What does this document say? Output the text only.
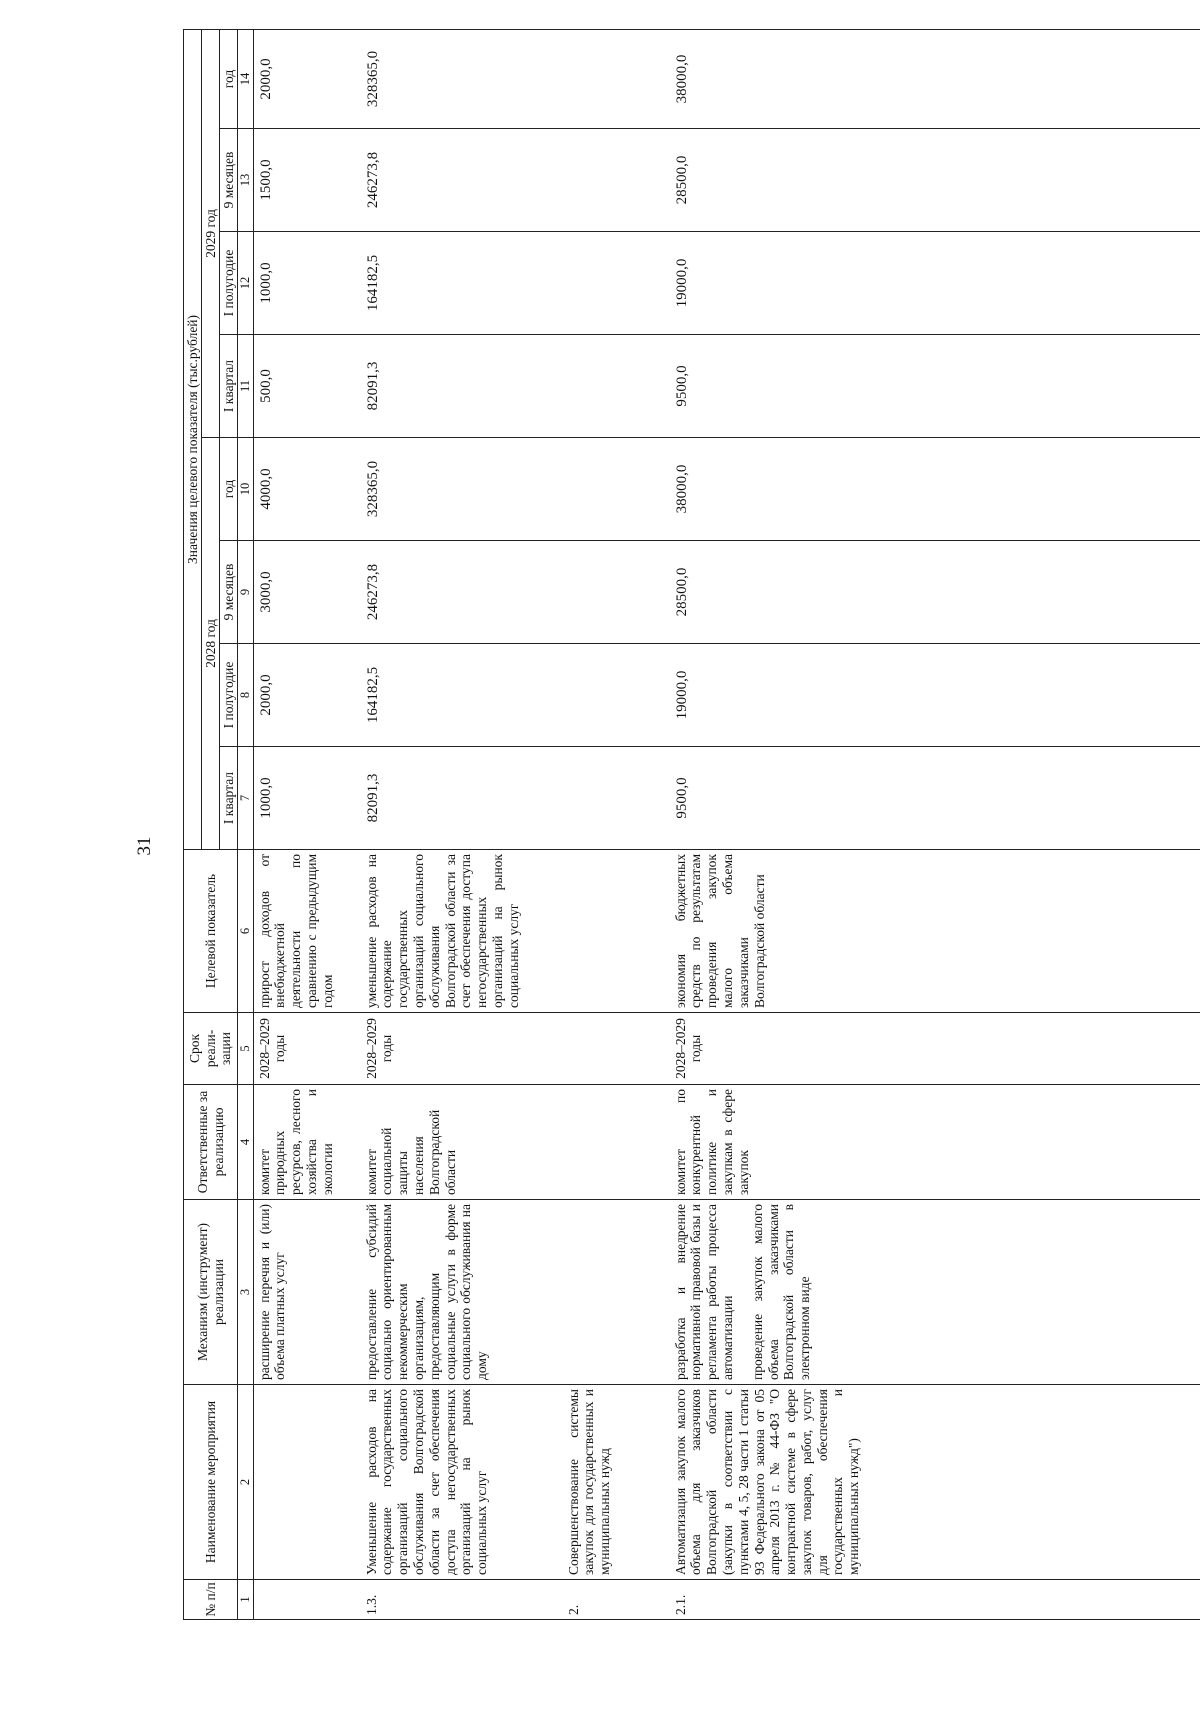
31
№ п/п	Наименование мероприятия	Механизм (инструмент) реализации	Ответственные за реализацию	Срок реали-зации	Целевой показатель	Значения целевого показателя (тыс.рублей)							
						2028 год				2029 год			
						I квартал	I полугодие	9 месяцев	год	I квартал	I полугодие	9 месяцев	год
1	2	3	4	5	6	7	8	9	10	11	12	13	14

		расширение перечня и (или) объема платных услуг	комитет природных ресурсов, лесного хозяйства и экологии	2028–2029 годы	прирост доходов от внебюджетной деятельности по сравнению с предыдущим годом	1000,0	2000,0	3000,0	4000,0	500,0	1000,0	1500,0	2000,0
1.3.	Уменьшение расходов на содержание государственных организаций социального обслуживания Волгоградской области за счет обеспечения доступа негосударственных организаций на рынок социальных услуг	предоставление субсидий социально ориентированным некоммерческим организациям, предоставляющим социальные услуги в форме социального обслуживания на дому	комитет социальной защиты населения Волгоградской области	2028–2029 годы	уменьшение расходов на содержание государственных организаций социального обслуживания Волгоградской области за счет обеспечения доступа негосударственных организаций на рынок социальных услуг	82091,3	164182,5	246273,8	328365,0	82091,3	164182,5	246273,8	328365,0
2.	Совершенствование системы закупок для государственных и муниципальных нужд	

2.1.	Автоматизация закупок малого объема для заказчиков Волгоградской области (закупки в соответствии с пунктами 4, 5, 28 части 1 статьи 93 Федерального закона от 05 апреля 2013 г. № 44-ФЗ "О контрактной системе в сфере закупок товаров, работ, услуг для обеспечения государственных и муниципальных нужд")	разработка и внедрение нормативной правовой базы и регламента работы процесса автоматизации проведение закупок малого объема заказчиками Волгоградской области в электронном виде	комитет по конкурентной политике и закупкам в сфере закупок	2028–2029 годы	экономия бюджетных средств по результатам проведения закупок малого объема заказчиками Волгоградской области	9500,0	19000,0	28500,0	38000,0	9500,0	19000,0	28500,0	38000,0
